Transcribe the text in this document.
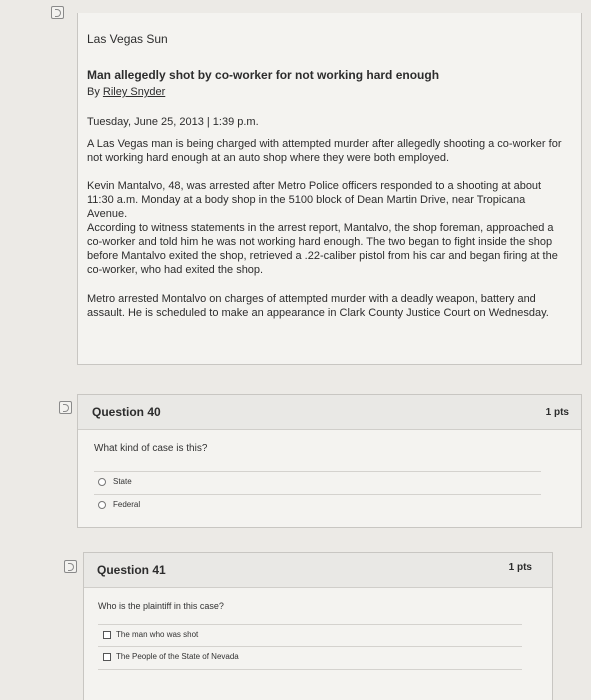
Las Vegas Sun
Man allegedly shot by co-worker for not working hard enough
By Riley Snyder
Tuesday, June 25, 2013 | 1:39 p.m.

A Las Vegas man is being charged with attempted murder after allegedly shooting a co-worker for not working hard enough at an auto shop where they were both employed.

Kevin Mantalvo, 48, was arrested after Metro Police officers responded to a shooting at about 11:30 a.m. Monday at a body shop in the 5100 block of Dean Martin Drive, near Tropicana Avenue.

According to witness statements in the arrest report, Mantalvo, the shop foreman, approached a co-worker and told him he was not working hard enough. The two began to fight inside the shop before Mantalvo exited the shop, retrieved a .22-caliber pistol from his car and began firing at the co-worker, who had exited the shop.

Metro arrested Montalvo on charges of attempted murder with a deadly weapon, battery and assault. He is scheduled to make an appearance in Clark County Justice Court on Wednesday.

Question 40	1 pts
What kind of case is this?
State
Federal
Question 41	1 pts
Who is the plaintiff in this case?
The man who was shot
The People of the State of Nevada
